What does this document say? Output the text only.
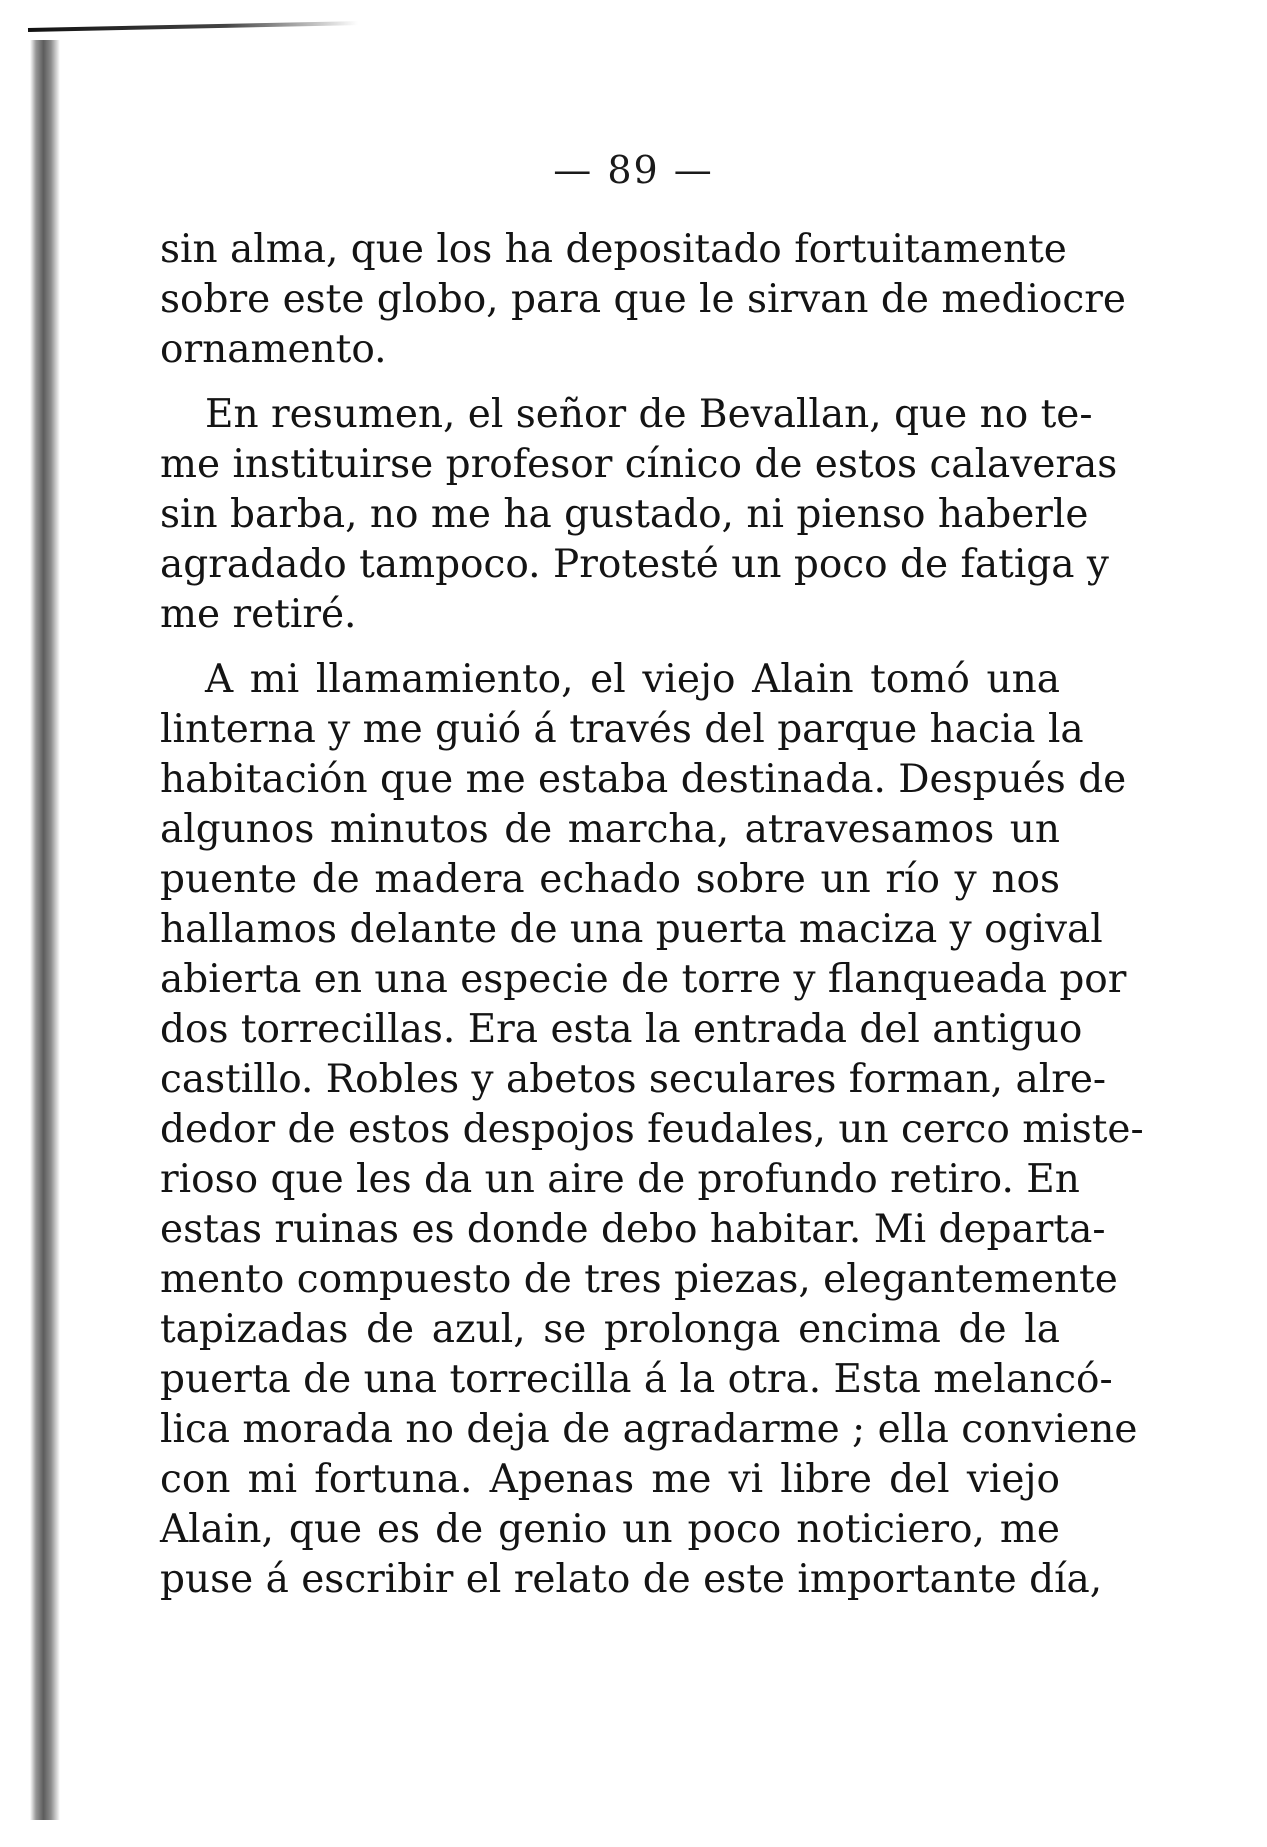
— 89 —
sin alma, que los ha depositado fortuitamente
sobre este globo, para que le sirvan de mediocre
ornamento.
En resumen, el señor de Bevallan, que no te-
me instituirse profesor cínico de estos calaveras
sin barba, no me ha gustado, ni pienso haberle
agradado tampoco. Protesté un poco de fatiga y
me retiré.
A mi llamamiento, el viejo Alain tomó una
linterna y me guió á través del parque hacia la
habitación que me estaba destinada. Después de
algunos minutos de marcha, atravesamos un
puente de madera echado sobre un río y nos
hallamos delante de una puerta maciza y ogival
abierta en una especie de torre y flanqueada por
dos torrecillas. Era esta la entrada del antiguo
castillo. Robles y abetos seculares forman, alre-
dedor de estos despojos feudales, un cerco miste-
rioso que les da un aire de profundo retiro. En
estas ruinas es donde debo habitar. Mi departa-
mento compuesto de tres piezas, elegantemente
tapizadas de azul, se prolonga encima de la
puerta de una torrecilla á la otra. Esta melancó-
lica morada no deja de agradarme ; ella conviene
con mi fortuna. Apenas me vi libre del viejo
Alain, que es de genio un poco noticiero, me
puse á escribir el relato de este importante día,
